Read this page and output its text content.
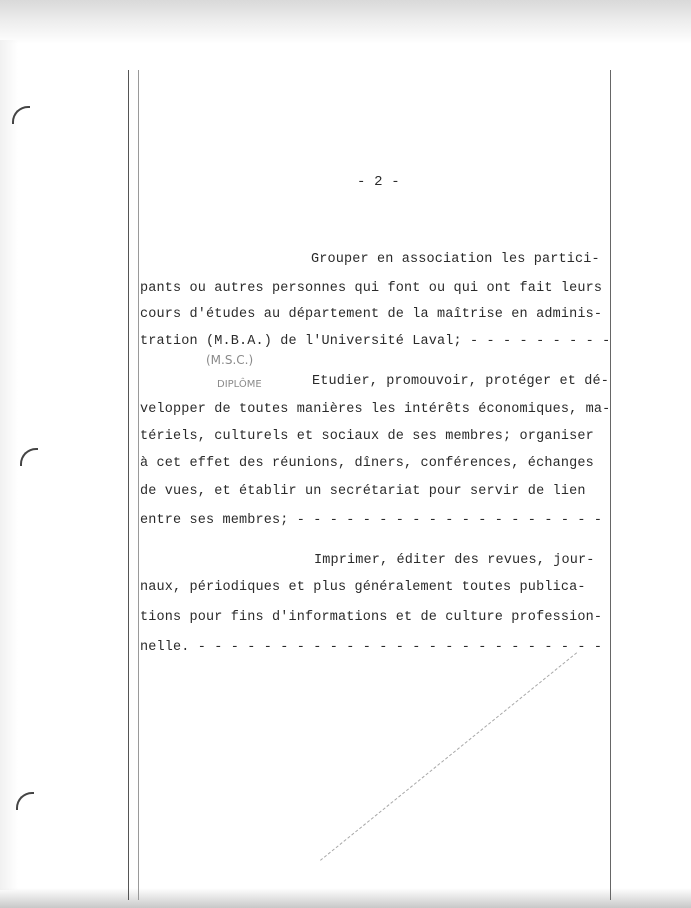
- 2 -
Grouper en association les partici-
pants ou autres personnes qui font ou qui ont fait leurs
cours d'études au département de la maîtrise en adminis-
tration (M.B.A.) de l'Université Laval; - - - - - - - - -
(M.S.C.)
DIPLÔME	Etudier, promouvoir, protéger et dé-
velopper de toutes manières les intérêts économiques, ma-
tériels, culturels et sociaux de ses membres; organiser
à cet effet des réunions, dîners, conférences, échanges
de vues, et établir un secrétariat pour servir de lien
entre ses membres; - - - - - - - - - - - - - - - - - - -
Imprimer, éditer des revues, jour-
naux, périodiques et plus généralement toutes publica-
tions pour fins d'informations et de culture profession-
nelle. - - - - - - - - - - - - - - - - - - - - - - - - -
